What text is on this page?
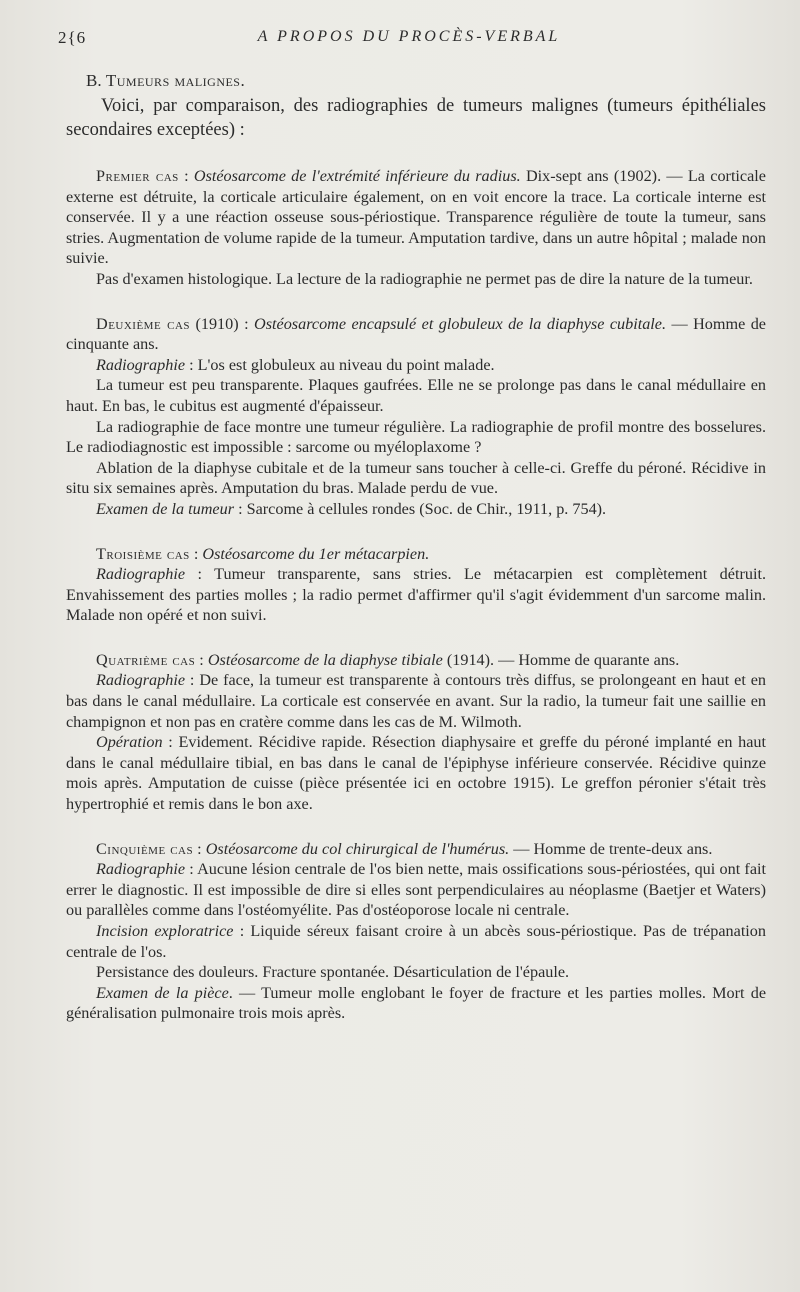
2{6	A PROPOS DU PROCÈS-VERBAL
B. Tumeurs malignes.

Voici, par comparaison, des radiographies de tumeurs malignes (tumeurs épithéliales secondaires exceptées) :

Premier cas : Ostéosarcome de l'extrémité inférieure du radius. Dix-sept ans (1902). — La corticale externe est détruite, la corticale articulaire également, on en voit encore la trace. La corticale interne est conservée. Il y a une réaction osseuse sous-périostique. Transparence régulière de toute la tumeur, sans stries. Augmentation de volume rapide de la tumeur. Amputation tardive, dans un autre hôpital ; malade non suivie.

Pas d'examen histologique. La lecture de la radiographie ne permet pas de dire la nature de la tumeur.

Deuxième cas (1910) : Ostéosarcome encapsulé et globuleux de la diaphyse cubitale. — Homme de cinquante ans.

Radiographie : L'os est globuleux au niveau du point malade.

La tumeur est peu transparente. Plaques gaufrées. Elle ne se prolonge pas dans le canal médullaire en haut. En bas, le cubitus est augmenté d'épaisseur.

La radiographie de face montre une tumeur régulière. La radiographie de profil montre des bosselures. Le radiodiagnostic est impossible : sarcome ou myéloplaxome ?

Ablation de la diaphyse cubitale et de la tumeur sans toucher à celle-ci. Greffe du péroné. Récidive in situ six semaines après. Amputation du bras. Malade perdu de vue.

Examen de la tumeur : Sarcome à cellules rondes (Soc. de Chir., 1911, p. 754).

Troisième cas : Ostéosarcome du 1er métacarpien.

Radiographie : Tumeur transparente, sans stries. Le métacarpien est complètement détruit. Envahissement des parties molles ; la radio permet d'affirmer qu'il s'agit évidemment d'un sarcome malin. Malade non opéré et non suivi.

Quatrième cas : Ostéosarcome de la diaphyse tibiale (1914). — Homme de quarante ans.

Radiographie : De face, la tumeur est transparente à contours très diffus, se prolongeant en haut et en bas dans le canal médullaire. La corticale est conservée en avant. Sur la radio, la tumeur fait une saillie en champignon et non pas en cratère comme dans les cas de M. Wilmoth.

Opération : Evidement. Récidive rapide. Résection diaphysaire et greffe du péroné implanté en haut dans le canal médullaire tibial, en bas dans le canal de l'épiphyse inférieure conservée. Récidive quinze mois après. Amputation de cuisse (pièce présentée ici en octobre 1915). Le greffon péronier s'était très hypertrophié et remis dans le bon axe.

Cinquième cas : Ostéosarcome du col chirurgical de l'humérus. — Homme de trente-deux ans.

Radiographie : Aucune lésion centrale de l'os bien nette, mais ossifications sous-périostées, qui ont fait errer le diagnostic. Il est impossible de dire si elles sont perpendiculaires au néoplasme (Baetjer et Waters) ou parallèles comme dans l'ostéomyélite. Pas d'ostéoporose locale ni centrale.

Incision exploratrice : Liquide séreux faisant croire à un abcès sous-périostique. Pas de trépanation centrale de l'os.

Persistance des douleurs. Fracture spontanée. Désarticulation de l'épaule.

Examen de la pièce. — Tumeur molle englobant le foyer de fracture et les parties molles. Mort de généralisation pulmonaire trois mois après.
